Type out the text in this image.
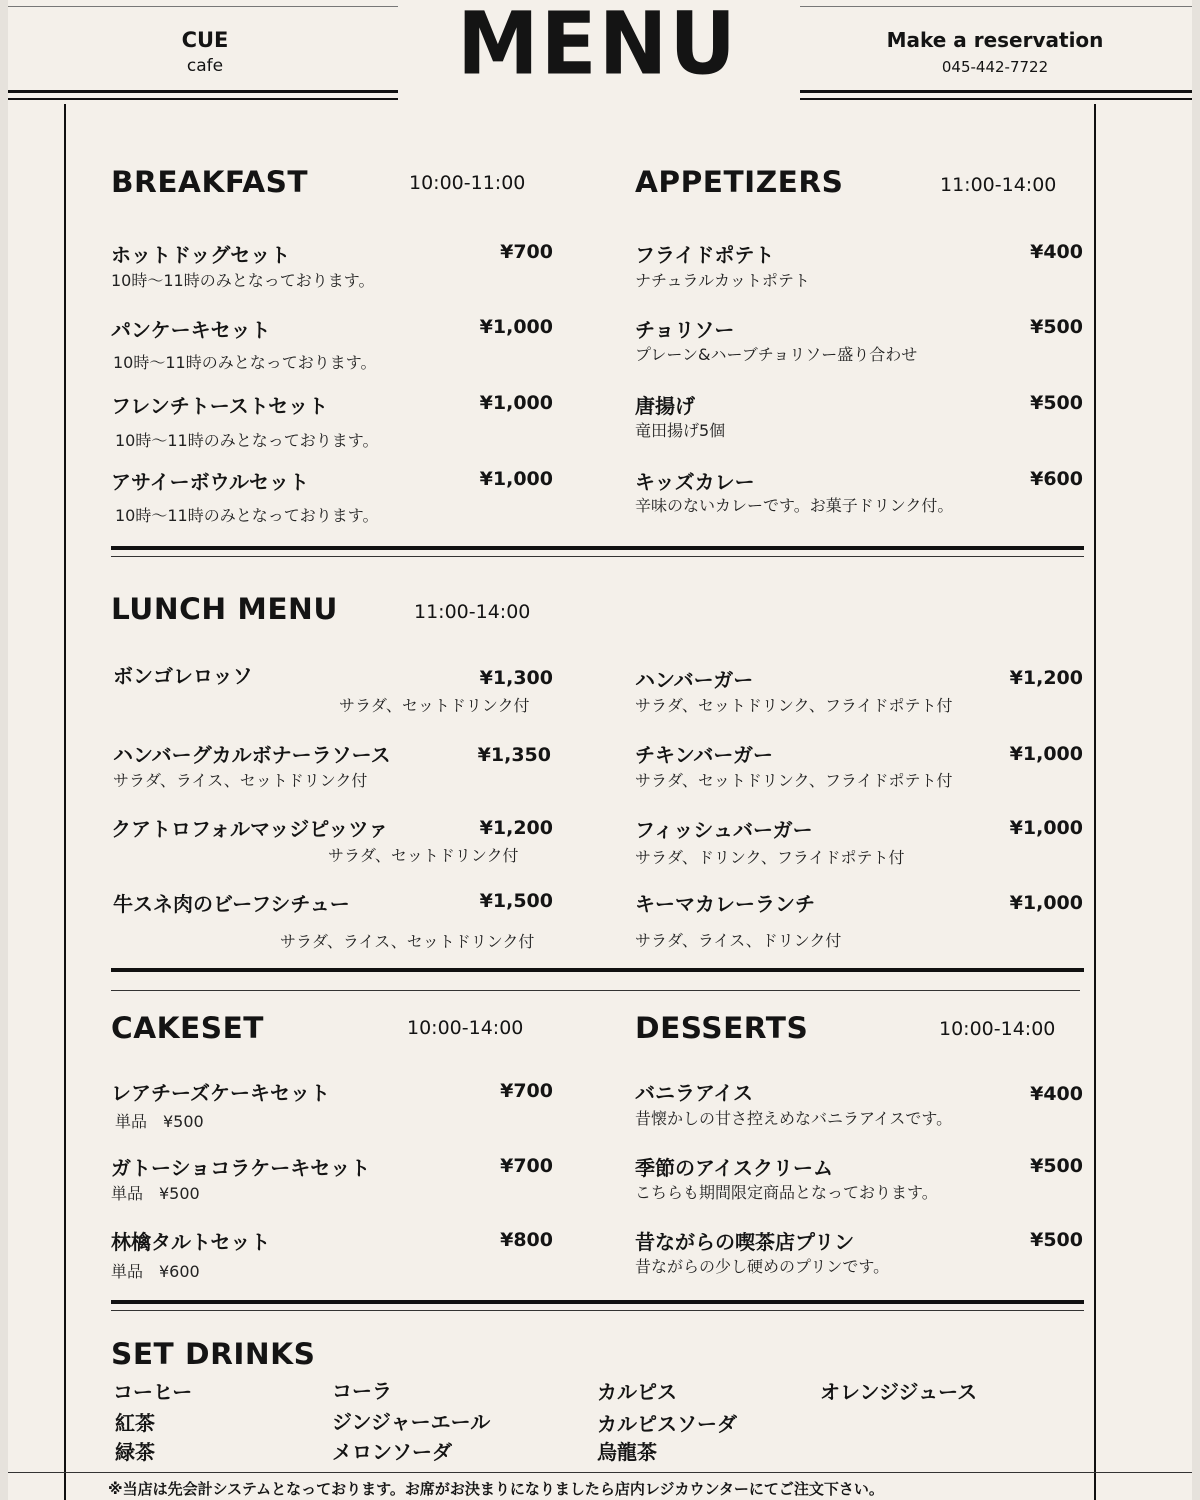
CUE
cafe	MENU	Make a reservation
045-442-7722
BREAKFAST	10:00-11:00
ホットドッグセット	¥700
10時〜11時のみとなっております。
パンケーキセット	¥1,000
10時〜11時のみとなっております。
フレンチトーストセット	¥1,000
10時〜11時のみとなっております。
アサイーボウルセット	¥1,000
10時〜11時のみとなっております。
APPETIZERS	11:00-14:00
フライドポテト	¥400
ナチュラルカットポテト
チョリソー	¥500
プレーン&ハーブチョリソー盛り合わせ
唐揚げ	¥500
竜田揚げ5個
キッズカレー	¥600
辛味のないカレーです。お菓子ドリンク付。
LUNCH MENU	11:00-14:00
ボンゴレロッソ	¥1,300
サラダ、セットドリンク付
ハンバーグカルボナーラソース	¥1,350
サラダ、ライス、セットドリンク付
クアトロフォルマッジピッツァ	¥1,200
サラダ、セットドリンク付
牛スネ肉のビーフシチュー	¥1,500
サラダ、ライス、セットドリンク付
ハンバーガー	¥1,200
サラダ、セットドリンク、フライドポテト付
チキンバーガー	¥1,000
サラダ、セットドリンク、フライドポテト付
フィッシュバーガー	¥1,000
サラダ、ドリンク、フライドポテト付
キーマカレーランチ	¥1,000
サラダ、ライス、ドリンク付
CAKESET	10:00-14:00
レアチーズケーキセット	¥700
単品　¥500
ガトーショコラケーキセット	¥700
単品　¥500
林檎タルトセット	¥800
単品　¥600
DESSERTS	10:00-14:00
バニラアイス	¥400
昔懐かしの甘さ控えめなバニラアイスです。
季節のアイスクリーム	¥500
こちらも期間限定商品となっております。
昔ながらの喫茶店プリン	¥500
昔ながらの少し硬めのプリンです。
SET DRINKS
コーヒー	コーラ	カルピス	オレンジジュース
紅茶	ジンジャーエール	カルピスソーダ
緑茶	メロンソーダ	烏龍茶
※当店は先会計システムとなっております。お席がお決まりになりましたら店内レジカウンターにてご注文下さい。
